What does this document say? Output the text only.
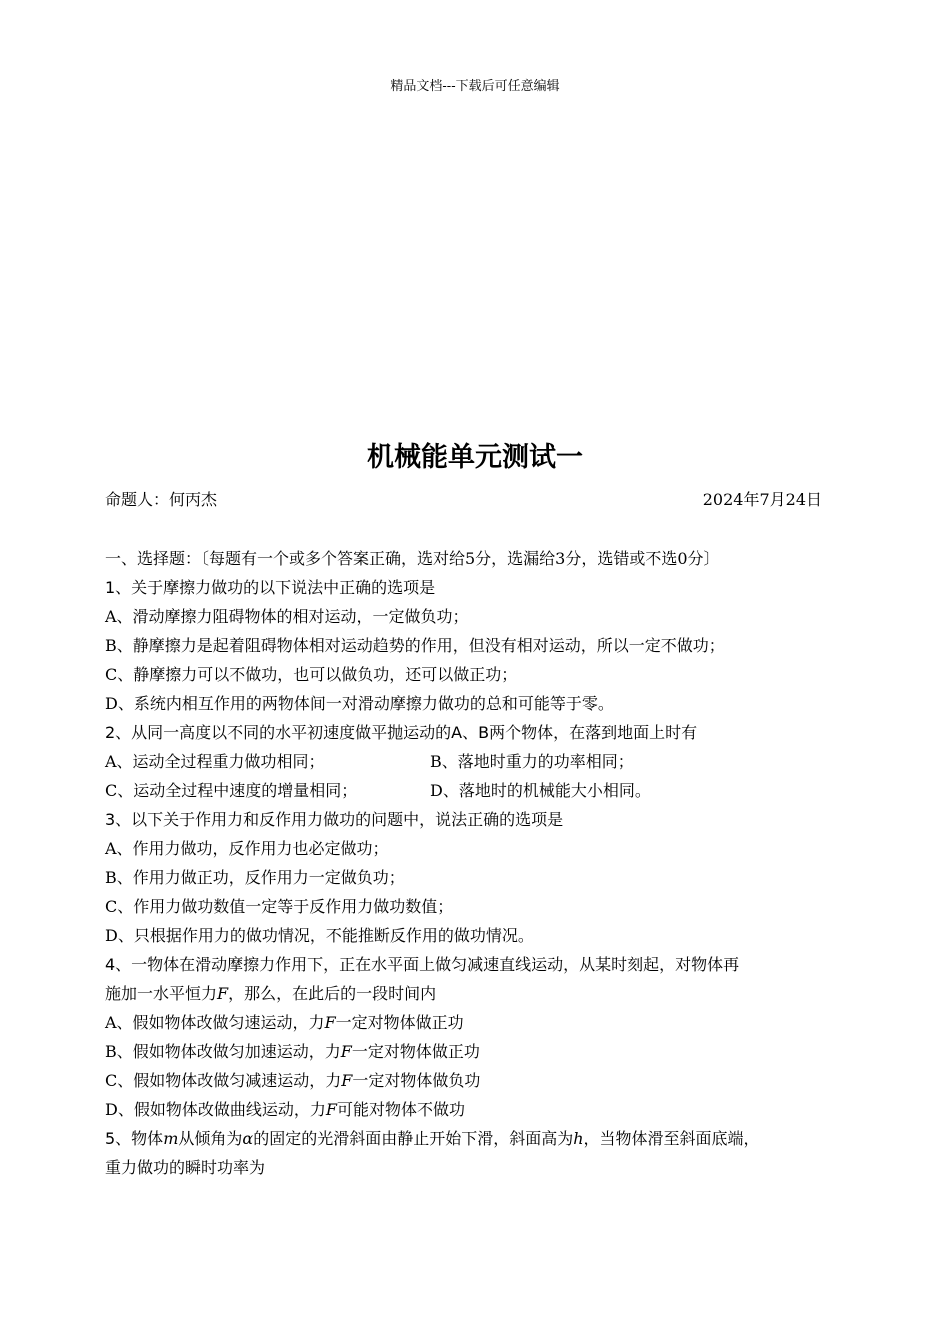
精品文档---下载后可任意编辑
机械能单元测试一
命题人：何丙杰	2024年7月24日
一、选择题：〔每题有一个或多个答案正确，选对给5分，选漏给3分，选错或不选0分〕
1、关于摩擦力做功的以下说法中正确的选项是
A、滑动摩擦力阻碍物体的相对运动，一定做负功；
B、静摩擦力是起着阻碍物体相对运动趋势的作用，但没有相对运动，所以一定不做功；
C、静摩擦力可以不做功，也可以做负功，还可以做正功；
D、系统内相互作用的两物体间一对滑动摩擦力做功的总和可能等于零。
2、从同一高度以不同的水平初速度做平抛运动的A、B两个物体，在落到地面上时有
A、运动全过程重力做功相同；	B、落地时重力的功率相同；
C、运动全过程中速度的增量相同；	D、落地时的机械能大小相同。
3、以下关于作用力和反作用力做功的问题中，说法正确的选项是
A、作用力做功，反作用力也必定做功；
B、作用力做正功，反作用力一定做负功；
C、作用力做功数值一定等于反作用力做功数值；
D、只根据作用力的做功情况，不能推断反作用的做功情况。
4、一物体在滑动摩擦力作用下，正在水平面上做匀减速直线运动，从某时刻起，对物体再
施加一水平恒力F，那么，在此后的一段时间内
A、假如物体改做匀速运动，力F一定对物体做正功
B、假如物体改做匀加速运动，力F一定对物体做正功
C、假如物体改做匀减速运动，力F一定对物体做负功
D、假如物体改做曲线运动，力F可能对物体不做功
5、物体m从倾角为α的固定的光滑斜面由静止开始下滑，斜面高为h，当物体滑至斜面底端，
重力做功的瞬时功率为
